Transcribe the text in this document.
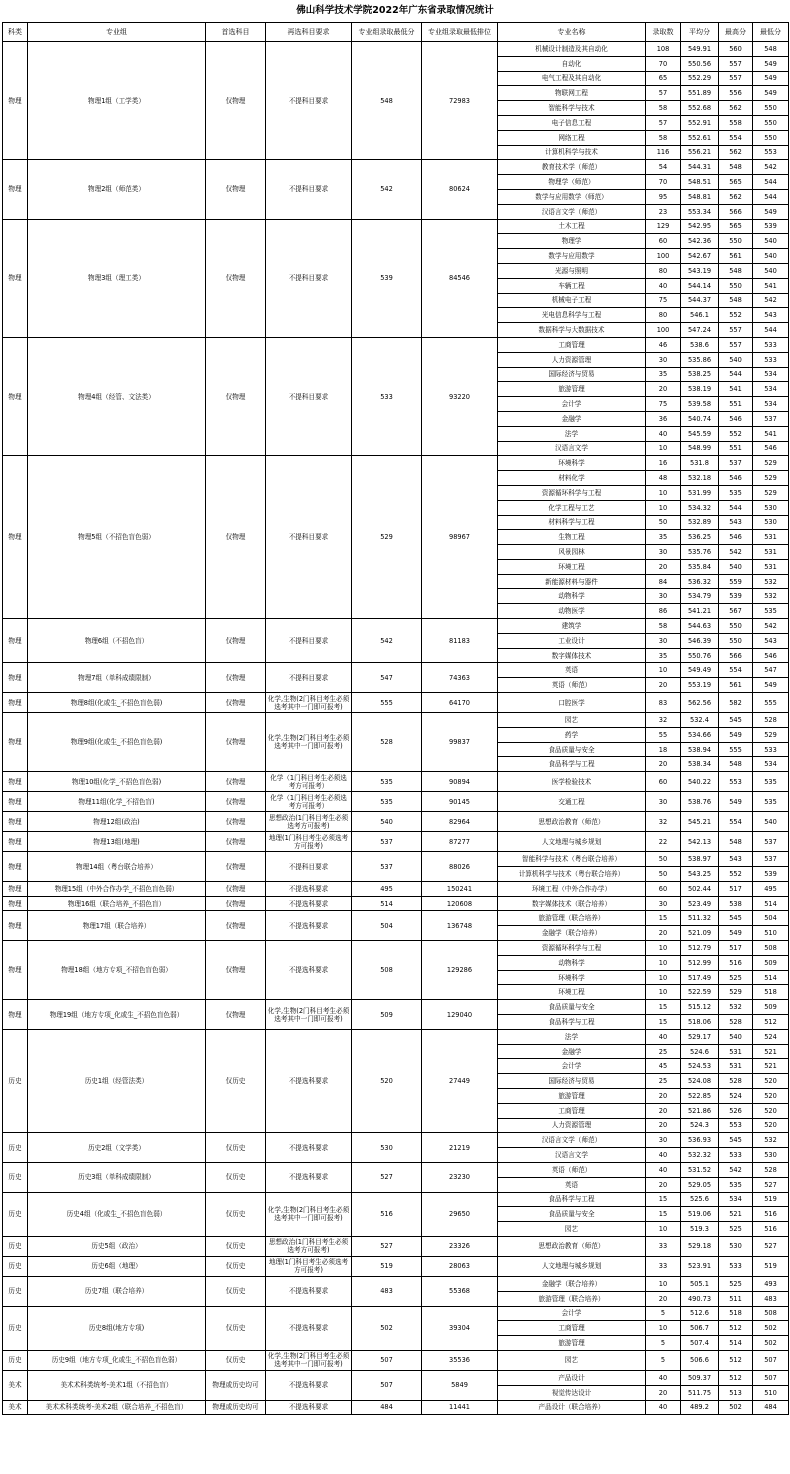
佛山科学技术学院2022年广东省录取情况统计
科类	专业组	首选科目	再选科目要求	专业组录取最低分	专业组录取最低排位	专业名称	录取数	平均分	最高分	最低分
物理	物理1组（工学类）	仅物理	不提科目要求	548	72983	机械设计制造及其自动化	108	549.91	560	548
						自动化	70	550.56	557	549
						电气工程及其自动化	65	552.29	557	549
						物联网工程	57	551.89	556	549
						智能科学与技术	58	552.68	562	550
						电子信息工程	57	552.91	558	550
						网络工程	58	552.61	554	550
						计算机科学与技术	116	556.21	562	553
物理	物理2组（师范类）	仅物理	不提科目要求	542	80624	教育技术学（师范）	54	544.31	548	542
						物理学（师范）	70	548.51	565	544
						数学与应用数学（师范）	95	548.81	562	544
						汉语言文学（师范）	23	553.34	566	549
物理	物理3组（理工类）	仅物理	不提科目要求	539	84546	土木工程	129	542.95	565	539
						物理学	60	542.36	550	540
						数学与应用数学	100	542.67	561	540
						光源与照明	80	543.19	548	540
						车辆工程	40	544.14	550	541
						机械电子工程	75	544.37	548	542
						光电信息科学与工程	80	546.1	552	543
						数据科学与大数据技术	100	547.24	557	544
物理	物理4组（经管、文法类）	仅物理	不提科目要求	533	93220	工商管理	46	538.6	557	533
						人力资源管理	30	535.86	540	533
						国际经济与贸易	35	538.25	544	534
						旅游管理	20	538.19	541	534
						会计学	75	539.58	551	534
						金融学	36	540.74	546	537
						法学	40	545.59	552	541
						汉语言文学	10	548.99	551	546
物理	物理5组（不招色盲色弱）	仅物理	不提科目要求	529	98967	环境科学	16	531.8	537	529
						材料化学	48	532.18	546	529
						资源循环科学与工程	10	531.99	535	529
						化学工程与工艺	10	534.32	544	530
						材料科学与工程	50	532.89	543	530
						生物工程	35	536.25	546	531
						风景园林	30	535.76	542	531
						环境工程	20	535.84	540	531
						新能源材料与器件	84	536.32	559	532
						动物科学	30	534.79	539	532
						动物医学	86	541.21	567	535
物理	物理6组（不招色盲）	仅物理	不提科目要求	542	81183	建筑学	58	544.63	550	542
						工业设计	30	546.39	550	543
						数字媒体技术	35	550.76	566	546
物理	物理7组（单科成绩限制）	仅物理	不提科目要求	547	74363	英语	10	549.49	554	547
						英语（师范）	20	553.19	561	549
物理	物理8组(化或生_不招色盲色弱)	仅物理	化学,生物(2门科目考生必须选考其中一门即可报考)	555	64170	口腔医学	83	562.56	582	555
物理	物理9组(化或生_不招色盲色弱)	仅物理	化学,生物(2门科目考生必须选考其中一门即可报考)	528	99837	园艺	32	532.4	545	528
						药学	55	534.66	549	529
						食品质量与安全	18	538.94	555	533
						食品科学与工程	20	538.34	548	534
物理	物理10组(化学_不招色盲色弱)	仅物理	化学（1门科目考生必须选考方可报考）	535	90894	医学检验技术	60	540.22	553	535
物理	物理11组(化学_不招色盲)	仅物理	化学（1门科目考生必须选考方可报考）	535	90145	交通工程	30	538.76	549	535
物理	物理12组(政治)	仅物理	思想政治(1门科目考生必须选考方可报考)	540	82964	思想政治教育（师范）	32	545.21	554	540
物理	物理13组(地理)	仅物理	地理(1门科目考生必须选考方可报考)	537	87277	人文地理与城乡规划	22	542.13	548	537
物理	物理14组（粤台联合培养）	仅物理	不提科目要求	537	88026	智能科学与技术（粤台联合培养）	50	538.97	543	537
						计算机科学与技术（粤台联合培养）	50	543.25	552	539
物理	物理15组（中外合作办学_不招色盲色弱）	仅物理	不提选科要求	495	150241	环境工程（中外合作办学）	60	502.44	517	495
物理	物理16组（联合培养_不招色盲）	仅物理	不提选科要求	514	120608	数字媒体技术（联合培养）	30	523.49	538	514
物理	物理17组（联合培养）	仅物理	不提选科要求	504	136748	旅游管理（联合培养）	15	511.32	545	504
						金融学（联合培养）	20	521.09	549	510
物理	物理18组（地方专项_不招色盲色弱）	仅物理	不提选科要求	508	129286	资源循环科学与工程	10	512.79	517	508
						动物科学	10	512.99	516	509
						环境科学	10	517.49	525	514
						环境工程	10	522.59	529	518
物理	物理19组（地方专项_化或生_不招色盲色弱）	仅物理	化学,生物(2门科目考生必须选考其中一门即可报考)	509	129040	食品质量与安全	15	515.12	532	509
						食品科学与工程	15	518.06	528	512
历史	历史1组（经管法类）	仅历史	不提选科要求	520	27449	法学	40	529.17	540	524
						金融学	25	524.6	531	521
						会计学	45	524.53	531	521
						国际经济与贸易	25	524.08	528	520
						旅游管理	20	522.85	524	520
						工商管理	20	521.86	526	520
						人力资源管理	20	524.3	553	520
历史	历史2组（文学类）	仅历史	不提选科要求	530	21219	汉语言文学（师范）	30	536.93	545	532
						汉语言文学	40	532.32	533	530
历史	历史3组（单科成绩限制）	仅历史	不提选科要求	527	23230	英语（师范）	40	531.52	542	528
						英语	20	529.05	535	527
历史	历史4组（化或生_不招色盲色弱）	仅历史	化学,生物(2门科目考生必须选考其中一门即可报考)	516	29650	食品科学与工程	15	525.6	534	519
						食品质量与安全	15	519.06	521	516
						园艺	10	519.3	525	516
历史	历史5组（政治）	仅历史	思想政治(1门科目考生必须选考方可报考)	527	23326	思想政治教育（师范）	33	529.18	530	527
历史	历史6组（地理）	仅历史	地理(1门科目考生必须选考方可报考)	519	28063	人文地理与城乡规划	33	523.91	533	519
历史	历史7组（联合培养）	仅历史	不提选科要求	483	55368	金融学（联合培养）	10	505.1	525	493
						旅游管理（联合培养）	20	490.73	511	483
历史	历史8组(地方专项)	仅历史	不提选科要求	502	39304	会计学	5	512.6	518	508
						工商管理	10	506.7	512	502
						旅游管理	5	507.4	514	502
历史	历史9组（地方专项_化或生_不招色盲色弱）	仅历史	化学,生物(2门科目考生必须选考其中一门即可报考)	507	35536	园艺	5	506.6	512	507
美术	美术术科类统考-美术1组（不招色盲）	物理或历史均可	不提选科要求	507	5849	产品设计	40	509.37	512	507
						视觉传达设计	20	511.75	513	510
美术	美术术科类统考-美术2组（联合培养_不招色盲）	物理或历史均可	不提选科要求	484	11441	产品设计（联合培养）	40	489.2	502	484
